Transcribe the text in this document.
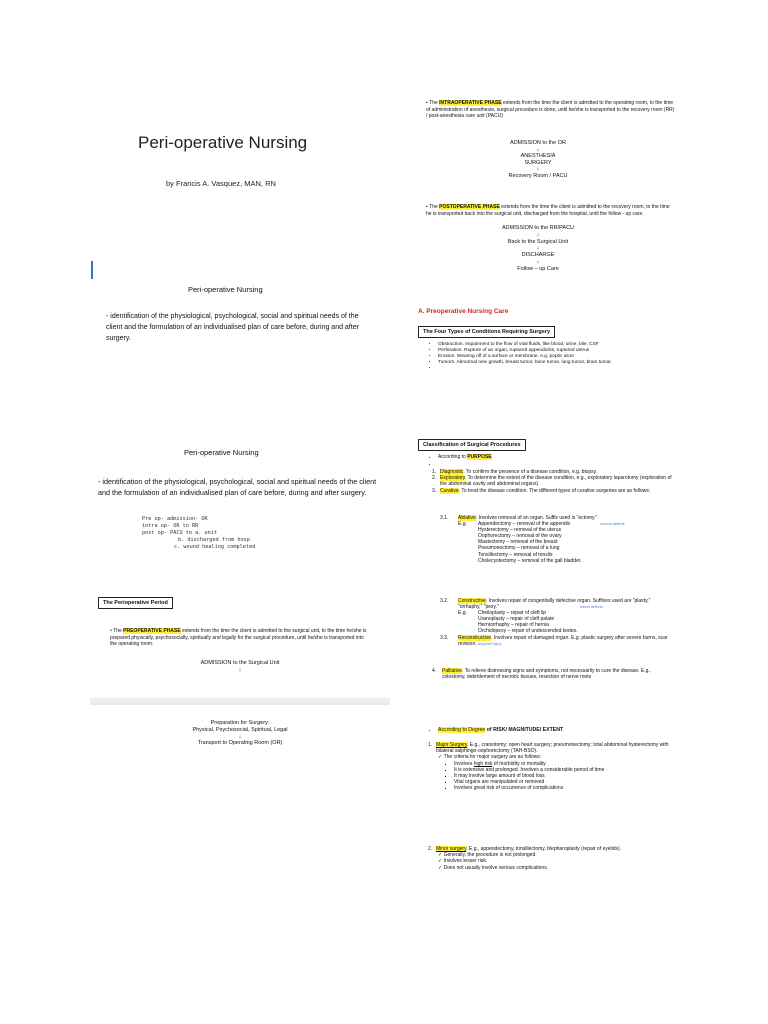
Peri-operative Nursing
by Francis A. Vasquez, MAN, RN
Peri-operative Nursing
- identification of the physiological, psychological, social and spiritual needs of the client and the formulation of an individualised plan of care before, during and after surgery.
Peri-operative Nursing
- identification of the physiological, psychological, social and spiritual needs of the client and the formulation of an individualised plan of care before, during and after surgery.
Pre op- admission- OR
intra op- OR to RR
post op- PACU to a. unit
b. discharged from hosp
c. wound healing completed
The Perioperative Period
• The PREOPERATIVE PHASE extends from the time the client is admitted to the surgical unit, to the time he/she is prepared physically, psychosocially, spiritually and legally for the surgical procedure, until he/she is transported into the operating room.
ADMISSION to the Surgical Unit
↓
Preparation for Surgery:
Physical, Psychosocial, Spiritual, Legal
↓
Transport to Operating Room (OR)
• The INTRAOPERATIVE PHASE extends from the time the client is admitted to the operating room, to the time of administration of anesthesia, surgical procedure is done, until he/she is transported to the recovery room (RR) / post-anesthesia care unit (PACU)
ADMISSION to the OR
↓
ANESTHESIA
SURGERY
↓
Recovery Room / PACU
• The POSTOPERATIVE PHASE extends from the time the client is admitted to the recovery room, to the time he is transported back into the surgical unit, discharged from the hospital, until the follow - up care.
ADMISSION to the RR/PACU
↓
Back to the Surgical Unit
↓
DISCHARGE
↓
Follow – up Care
A. Preoperative Nursing Care
The Four Types of Conditions Requiring Surgery
• Obstruction. Impairment to the flow of vital fluids, like blood, urine, bile, CSF
• Perforation. Rupture of an organ, ruptured appendicitis, ruptured uterus
• Erosion. Wearing off of a surface or membrane, e.g. peptic ulcer
• Tumors. Abnormal new growth, breast tumor, bone tumor, lung tumor, brain tumor.
•
Classification of Surgical Procedures
• According to PURPOSE
•
1. Diagnostic. To confirm the presence of a disease condition, e.g. biopsy.
2. Exploratory. To determine the extent of the disease condition, e.g., exploratory laparotomy (exploration of the abdominal cavity and abdominal organs)
3. Curative. To treat the disease condition. The different types of curative surgeries are as follows:
3.1.	Ablative. Involves removal of an organ. Suffix used is "ectomy."
remove defects
E.g.	Appendectomy – removal of the appendix
Hysterectomy – removal of the uterus
Oophorectomy – removal of the ovary
Mastectomy – removal of the breast
Pneumonectomy – removal of a lung
Tonsillectomy – removal of tonsils
Cholecystectomy – removal of the gall bladder.
3.2.	Constructive. Involves repair of congenitally defective organ. Suffixes used are "plasty," "orrhaphy," "pexy."	inborn defects
E.g.	Cheiloplasty – repair of cleft lip
Uranoplasty – repair of cleft palate
Herniorrhaphy – repair of hernia
Orchidopexy – repair of undescended testes.
3.3.	Reconstructive. Involves repair of damaged organ. E.g. plastic surgery after severe burns, scar revision. acquired injury
4.	Palliative. To relieve distressing signs and symptoms, not necessarily to cure the disease. E.g., colostomy, debridement of necrotic tissues, resection of nerve roots
• According to Degree of RISK/ MAGNITUDE/ EXTENT
1. Major Surgery. E.g., craniotomy; open heart surgery; pneumonectomy; total abdominal hysterectomy with bilateral salphingo-oophorectomy (TAH-BSO).
✓ The criteria for major surgery are as follows:
▪ Involves high risk of morbidity or mortality
▪ It is extensive and prolonged. Involves a considerable period of time
▪ It may involve large amount of blood loss
▪ Vital organs are manipulated or removed
▪ Involves great risk of occurrence of complications
2. Minor surgery. E.g., appendectomy, tonsillectomy, blepharoplasty (repair of eyelids).
✓ Generally, the procedure is not prolonged.
✓ Involves lesser risk.
✓ Does not usually involve serious complications.
